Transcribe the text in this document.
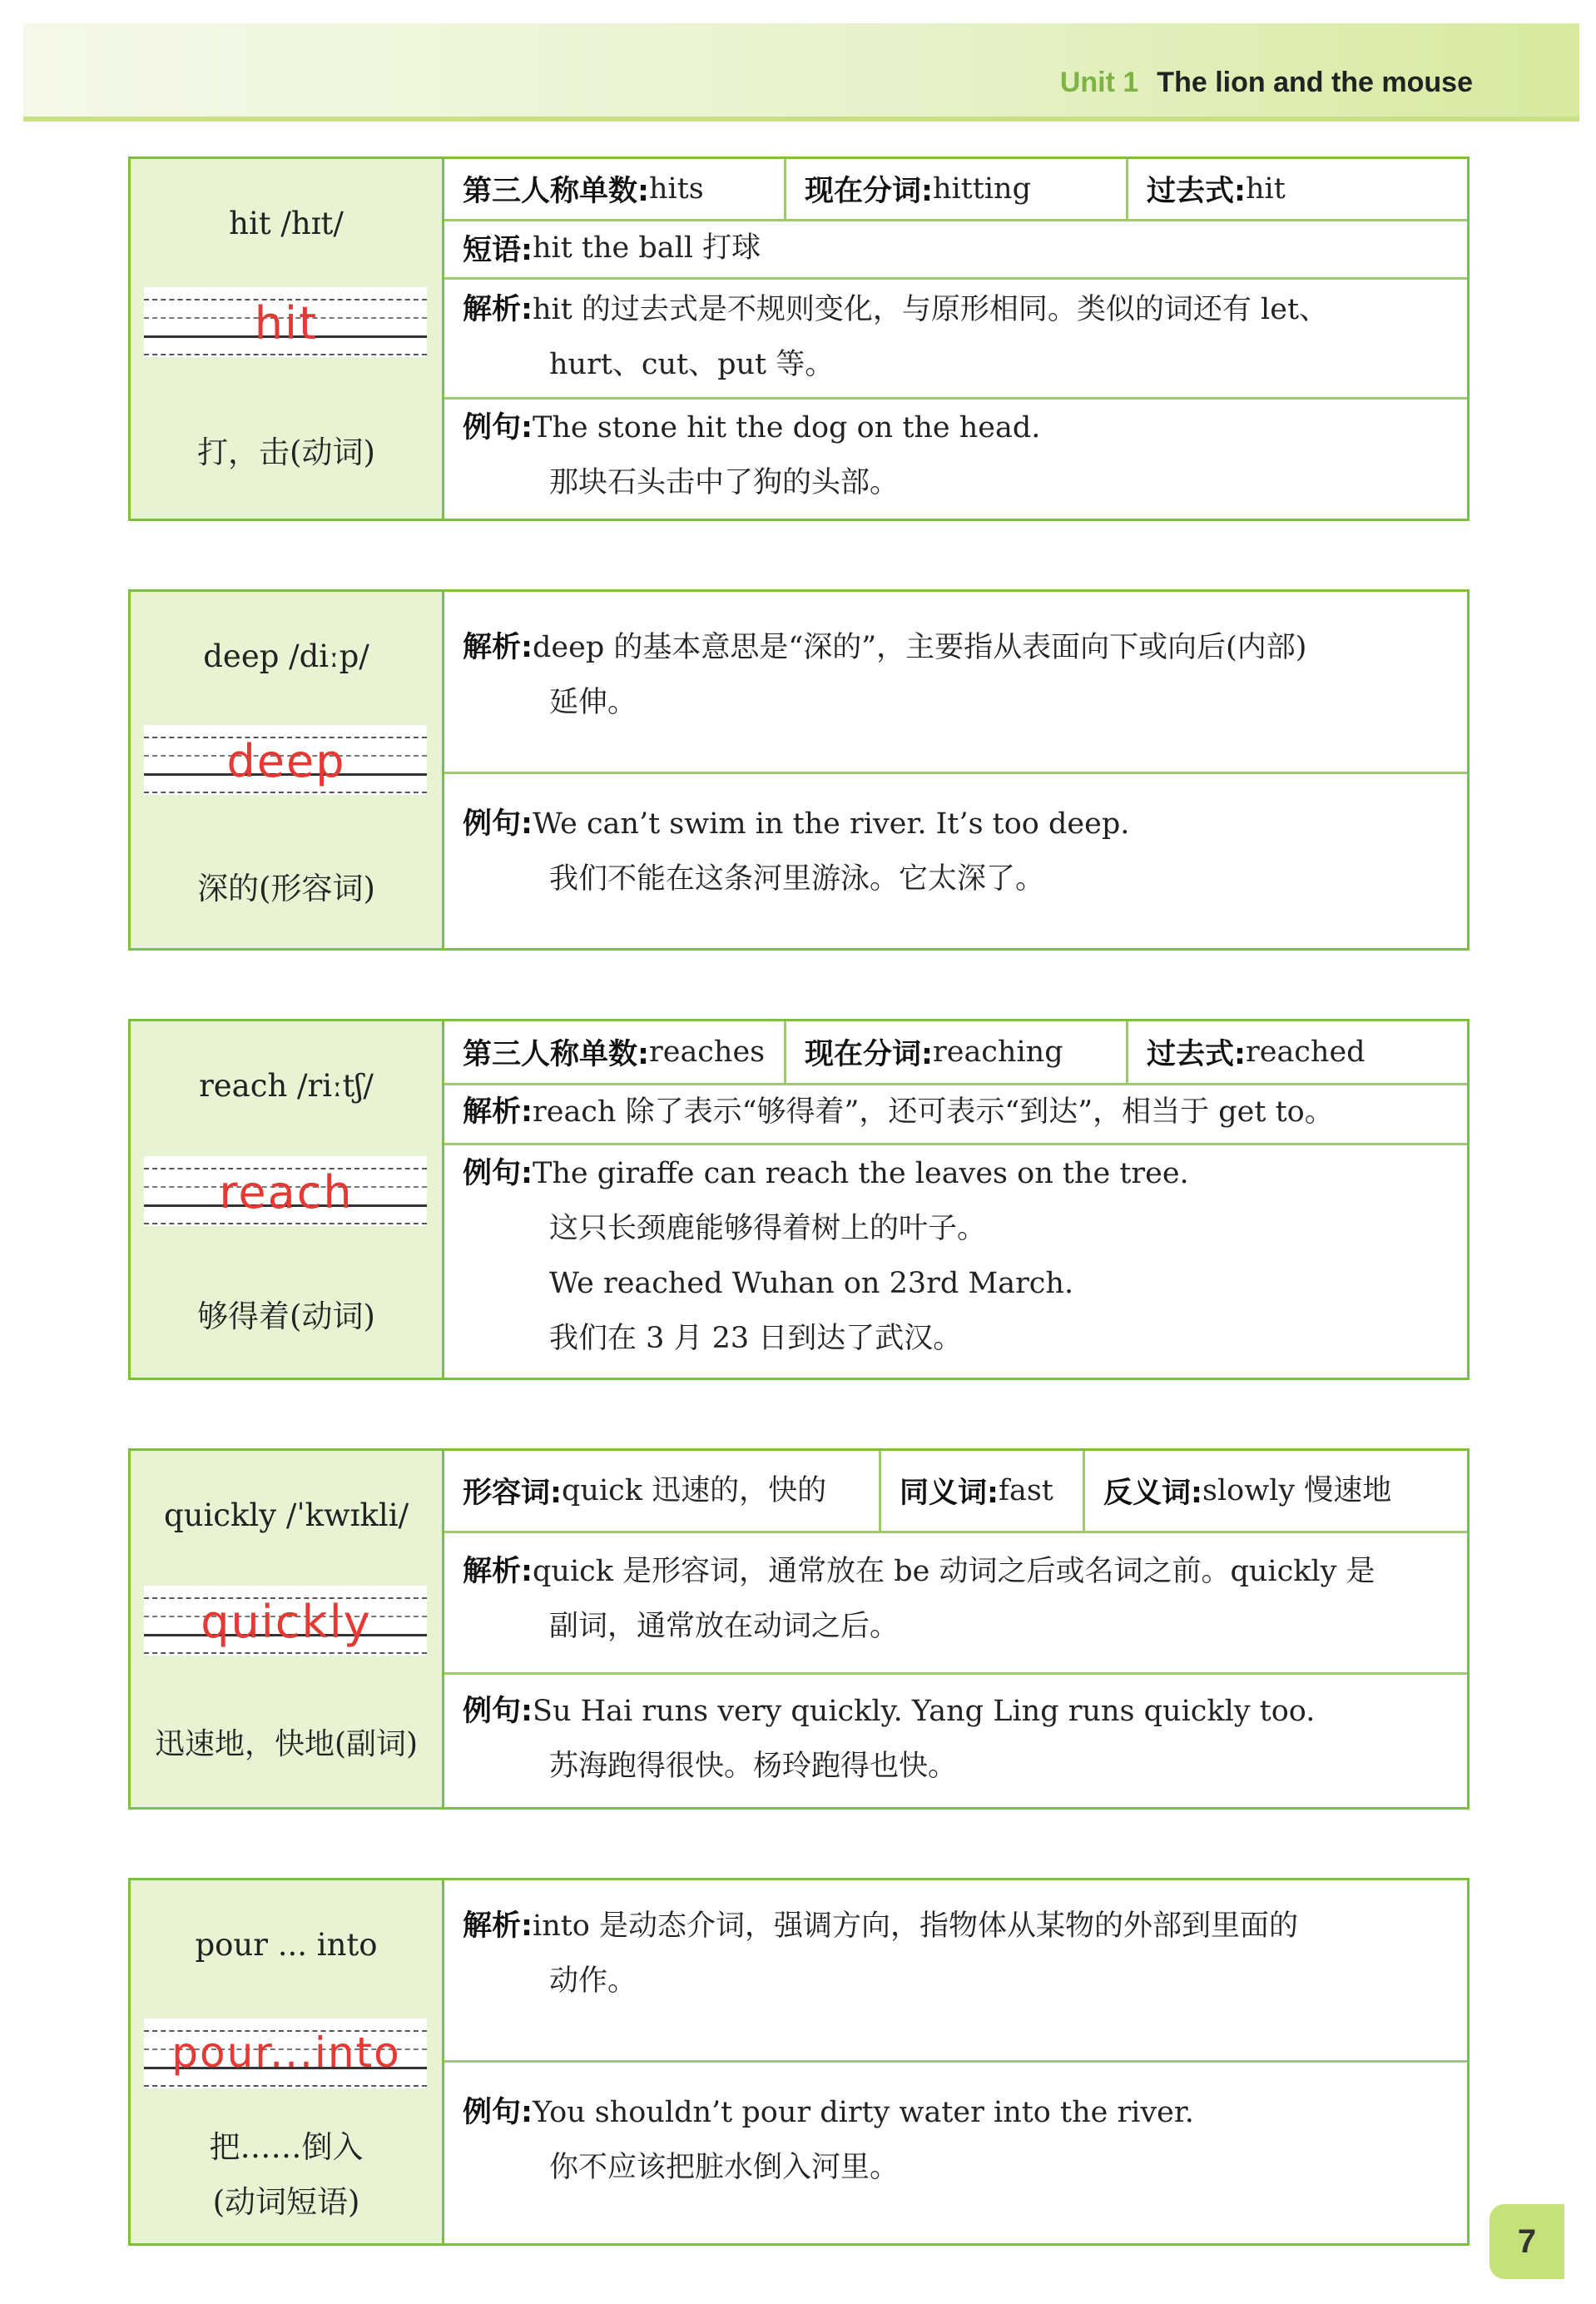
Unit 1 The lion and the mouse
hit /hɪt/
hit
打，击(动词)
第三人称单数: hits	现在分词: hitting	过去式: hit
短语: hit the ball 打球
解析:hit 的过去式是不规则变化，与原形相同。类似的词还有 let、
hurt、cut、put 等。
例句:The stone hit the dog on the head.
那块石头击中了狗的头部。
deep /diːp/
deep
深的(形容词)
解析:deep 的基本意思是“深的”，主要指从表面向下或向后(内部)
延伸。
例句:We can’t swim in the river. It’s too deep.
我们不能在这条河里游泳。它太深了。
reach /riːtʃ/
reach
够得着(动词)
第三人称单数: reaches 现在分词: reaching	过去式: reached
解析:reach 除了表示“够得着”，还可表示“到达”，相当于 get to。
例句:The giraffe can reach the leaves on the tree.
这只长颈鹿能够得着树上的叶子。
We reached Wuhan on 23rd March.
我们在 3 月 23 日到达了武汉。
quickly /ˈkwɪkli/
quickly
迅速地，快地(副词)
形容词: quick 迅速的，快的	同义词: fast 反义词: slowly 慢速地
解析:quick 是形容词，通常放在 be 动词之后或名词之前。quickly 是
副词，通常放在动词之后。
例句:Su Hai runs very quickly. Yang Ling runs quickly too.
苏海跑得很快。杨玲跑得也快。
pour ... into
pour...into
把……倒入
(动词短语)
解析:into 是动态介词，强调方向，指物体从某物的外部到里面的
动作。
例句:You shouldn’t pour dirty water into the river.
你不应该把脏水倒入河里。
7
